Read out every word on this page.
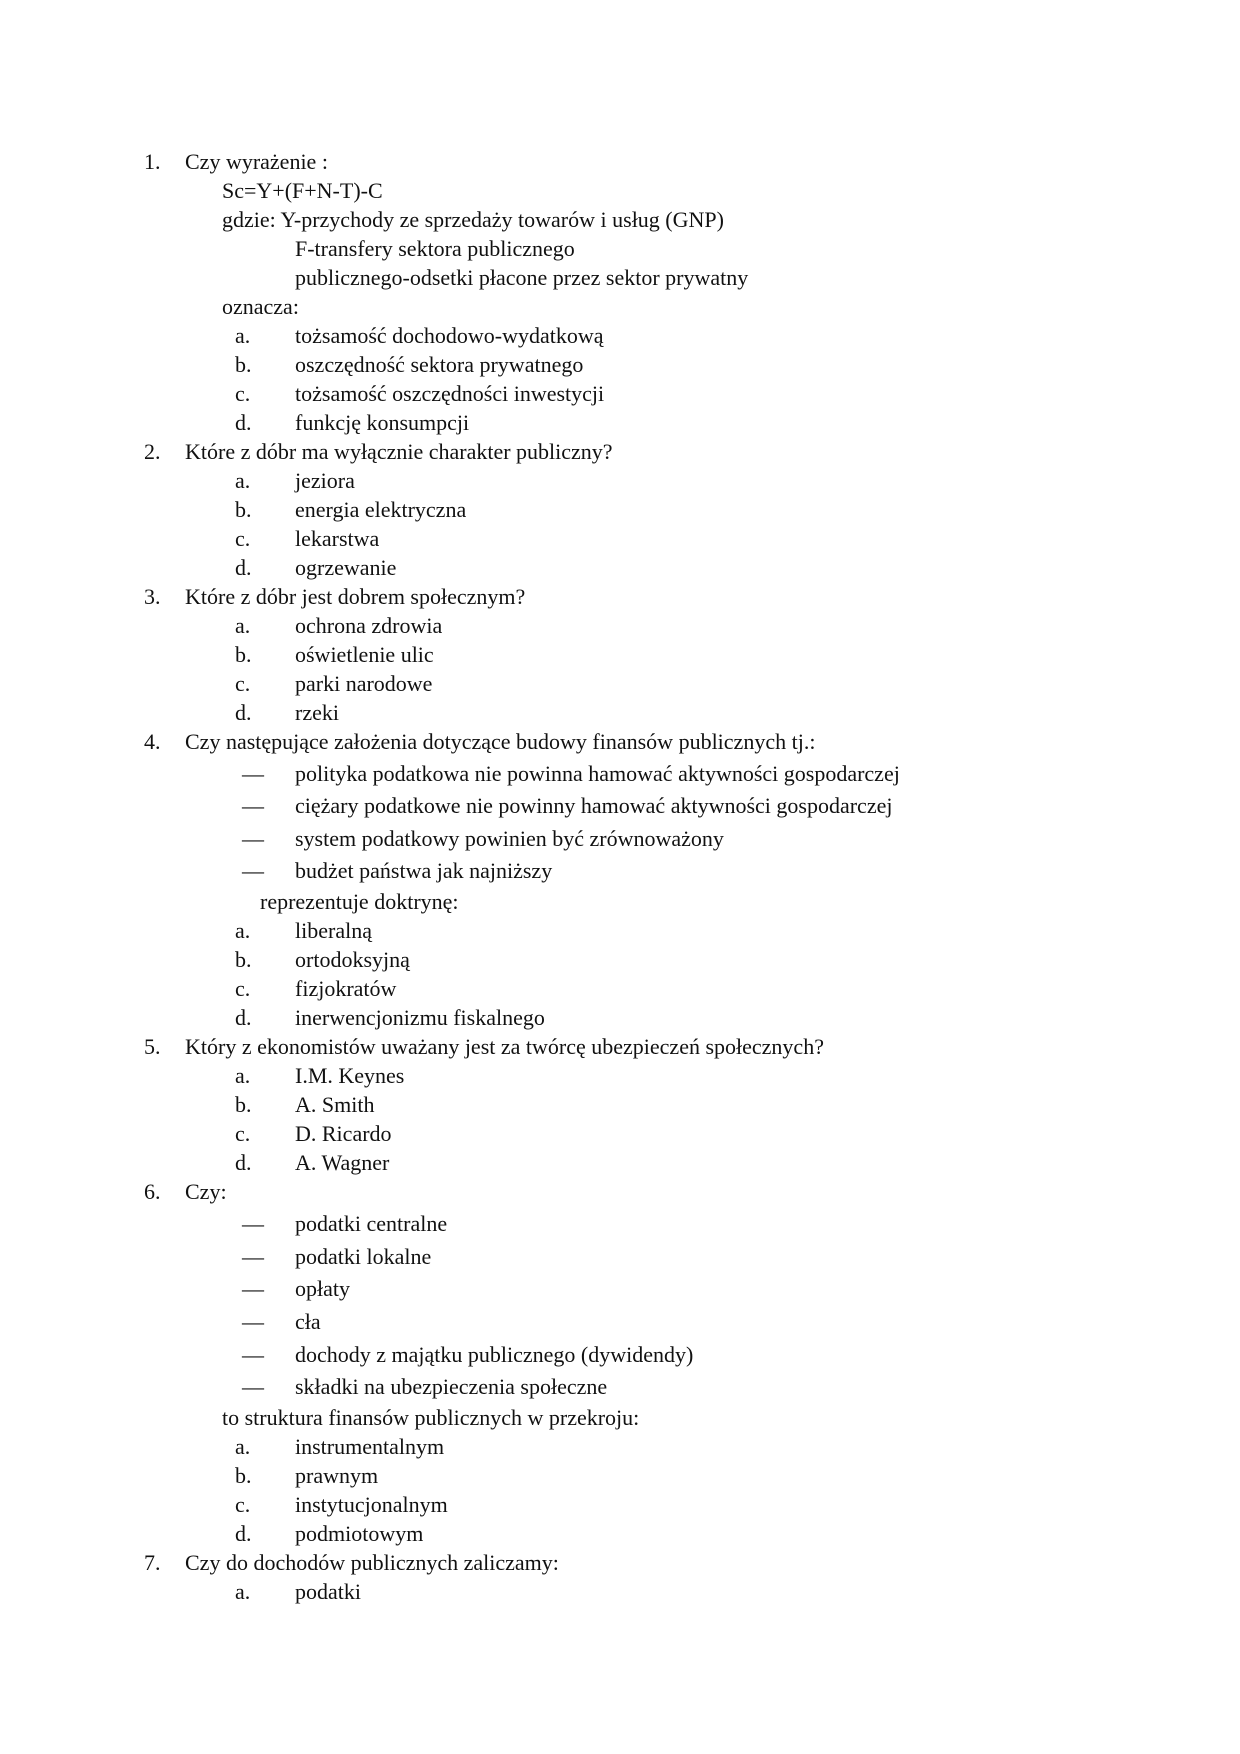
1. Czy wyrażenie :
Sc=Y+(F+N-T)-C
gdzie: Y-przychody ze sprzedaży towarów i usług (GNP)
F-transfery sektora publicznego
publicznego-odsetki płacone przez sektor prywatny
oznacza:
a. tożsamość dochodowo-wydatkową
b. oszczędność sektora prywatnego
c. tożsamość oszczędności inwestycji
d. funkcję konsumpcji
2. Które z dóbr ma wyłącznie charakter publiczny?
a. jeziora
b. energia elektryczna
c. lekarstwa
d. ogrzewanie
3. Które z dóbr jest dobrem społecznym?
a. ochrona zdrowia
b. oświetlenie ulic
c. parki narodowe
d. rzeki
4. Czy następujące założenia dotyczące budowy finansów publicznych tj.:
— polityka podatkowa nie powinna hamować aktywności gospodarczej
— ciężary podatkowe nie powinny hamować aktywności gospodarczej
— system podatkowy powinien być zrównoważony
— budżet państwa jak najniższy
reprezentuje doktrynę:
a. liberalną
b. ortodoksyjną
c. fizjokratów
d. inerwencjonizmu fiskalnego
5. Który z ekonomistów uważany jest za twórcę ubezpieczeń społecznych?
a. I.M. Keynes
b. A. Smith
c. D. Ricardo
d. A. Wagner
6. Czy:
— podatki centralne
— podatki lokalne
— opłaty
— cła
— dochody z majątku publicznego (dywidendy)
— składki na ubezpieczenia społeczne
to struktura finansów publicznych w przekroju:
a. instrumentalnym
b. prawnym
c. instytucjonalnym
d. podmiotowym
7. Czy do dochodów publicznych zaliczamy:
a. podatki
